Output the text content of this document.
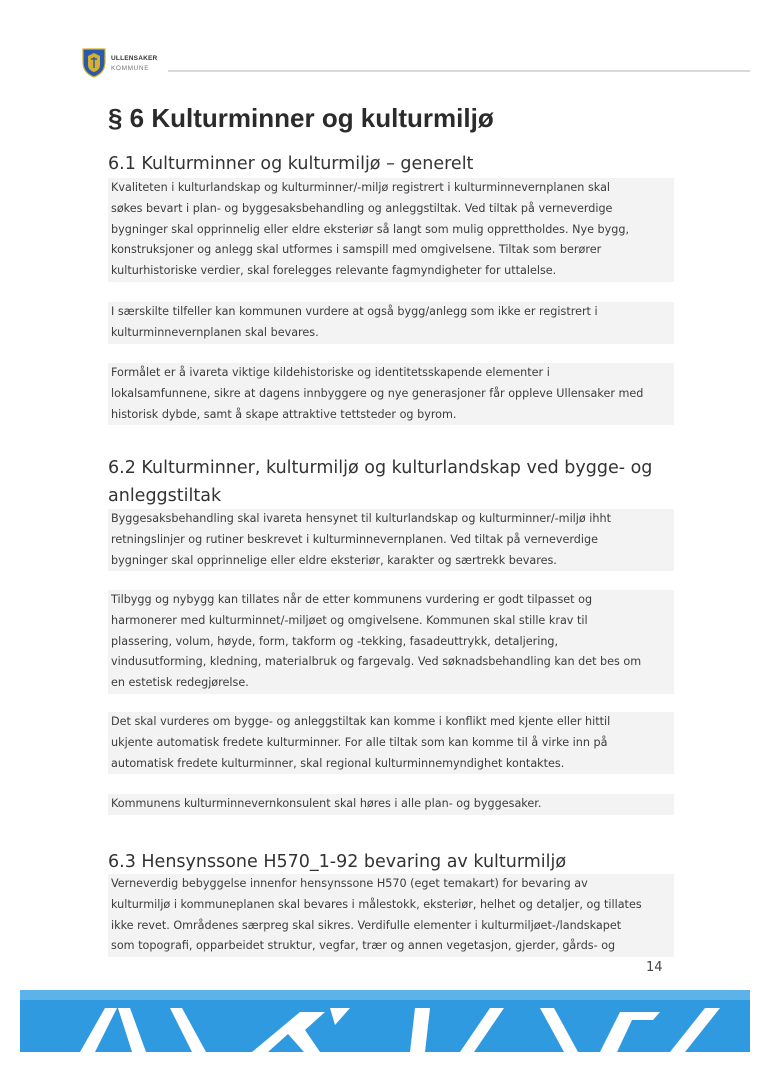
ULLENSAKER
KOMMUNE
§ 6 Kulturminner og kulturmiljø
6.1 Kulturminner og kulturmiljø – generelt
Kvaliteten i kulturlandskap og kulturminner/-miljø registrert i kulturminnevernplanen skal
søkes bevart i plan- og byggesaksbehandling og anleggstiltak. Ved tiltak på verneverdige
bygninger skal opprinnelig eller eldre eksteriør så langt som mulig opprettholdes. Nye bygg,
konstruksjoner og anlegg skal utformes i samspill med omgivelsene. Tiltak som berører
kulturhistoriske verdier, skal forelegges relevante fagmyndigheter for uttalelse.
I særskilte tilfeller kan kommunen vurdere at også bygg/anlegg som ikke er registrert i
kulturminnevernplanen skal bevares.
Formålet er å ivareta viktige kildehistoriske og identitetsskapende elementer i
lokalsamfunnene, sikre at dagens innbyggere og nye generasjoner får oppleve Ullensaker med
historisk dybde, samt å skape attraktive tettsteder og byrom.
6.2 Kulturminner, kulturmiljø og kulturlandskap ved bygge- og
anleggstiltak
Byggesaksbehandling skal ivareta hensynet til kulturlandskap og kulturminner/-miljø ihht
retningslinjer og rutiner beskrevet i kulturminnevernplanen. Ved tiltak på verneverdige
bygninger skal opprinnelige eller eldre eksteriør, karakter og særtrekk bevares.
Tilbygg og nybygg kan tillates når de etter kommunens vurdering er godt tilpasset og
harmonerer med kulturminnet/-miljøet og omgivelsene. Kommunen skal stille krav til
plassering, volum, høyde, form, takform og -tekking, fasadeuttrykk, detaljering,
vindusutforming, kledning, materialbruk og fargevalg. Ved søknadsbehandling kan det bes om
en estetisk redegjørelse.
Det skal vurderes om bygge- og anleggstiltak kan komme i konflikt med kjente eller hittil
ukjente automatisk fredete kulturminner. For alle tiltak som kan komme til å virke inn på
automatisk fredete kulturminner, skal regional kulturminnemyndighet kontaktes.
Kommunens kulturminnevernkonsulent skal høres i alle plan- og byggesaker.
6.3 Hensynssone H570_1-92 bevaring av kulturmiljø
Verneverdig bebyggelse innenfor hensynssone H570 (eget temakart) for bevaring av
kulturmiljø i kommuneplanen skal bevares i målestokk, eksteriør, helhet og detaljer, og tillates
ikke revet. Områdenes særpreg skal sikres. Verdifulle elementer i kulturmiljøet-/landskapet
som topografi, opparbeidet struktur, vegfar, trær og annen vegetasjon, gjerder, gårds- og
14
